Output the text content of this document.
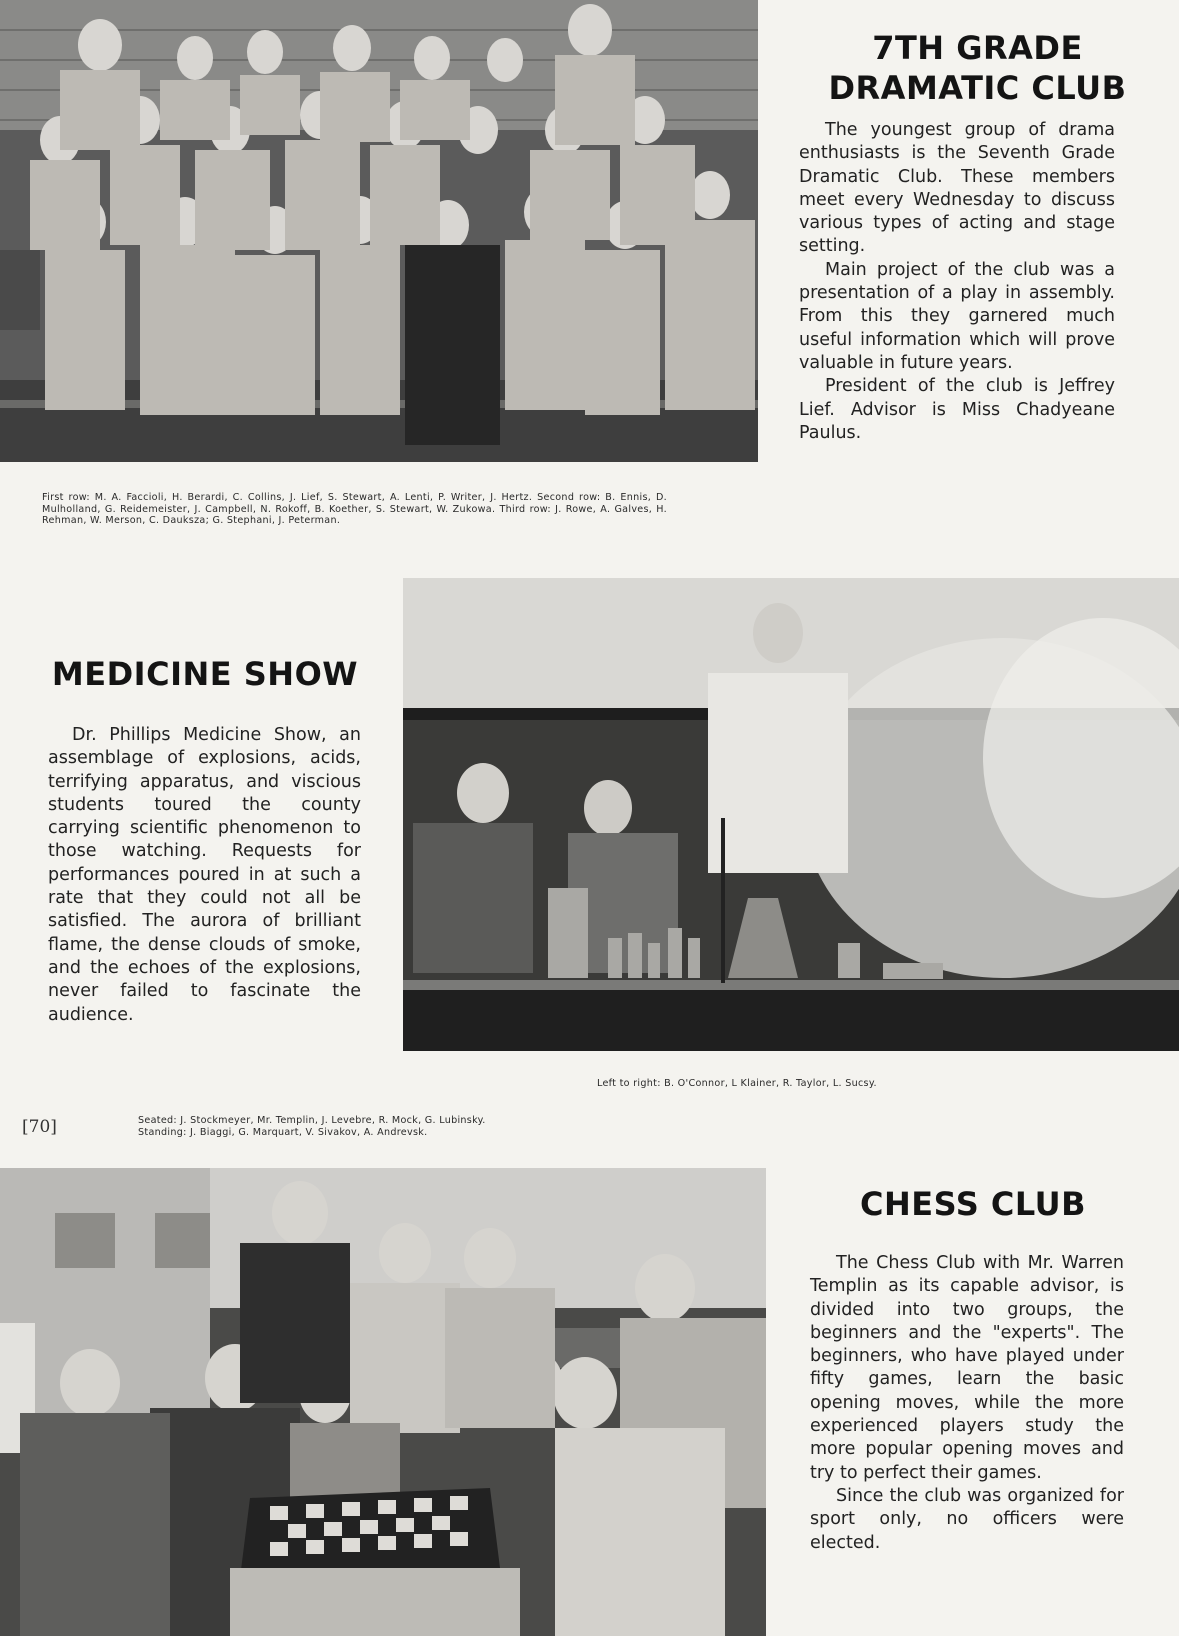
7TH GRADE
DRAMATIC CLUB

The youngest group of drama enthusiasts is the Seventh Grade Dramatic Club. These members meet every Wednesday to discuss various types of acting and stage setting.

Main project of the club was a presentation of a play in assembly. From this they garnered much useful information which will prove valuable in future years.

President of the club is Jeffrey Lief. Advisor is Miss Chadyeane Paulus.

First row: M. A. Faccioli, H. Berardi, C. Collins, J. Lief, S. Stewart, A. Lenti, P. Writer, J. Hertz. Second row: B. Ennis, D. Mulholland, G. Reidemeister, J. Campbell, N. Rokoff, B. Koether, S. Stewart, W. Zukowa. Third row: J. Rowe, A. Galves, H. Rehman, W. Merson, C. Daukszа; G. Stephani, J. Peterman.

MEDICINE SHOW

Dr. Phillips Medicine Show, an assemblage of explosions, acids, terrifying apparatus, and viscious students toured the county carrying scientific phenomenon to those watching. Requests for performances poured in at such a rate that they could not all be satisfied. The aurora of brilliant flame, the dense clouds of smoke, and the echoes of the explosions, never failed to fascinate the audience.

Left to right: B. O'Connor, L Klainer, R. Taylor, L. Sucsy.

[70]	Seated: J. Stockmeyer, Mr. Templin, J. Levebre, R. Mock, G. Lubinsky.
Standing: J. Biaggi, G. Marquart, V. Sivakov, A. Andrevsk.
CHESS CLUB

The Chess Club with Mr. Warren Templin as its capable advisor, is divided into two groups, the beginners and the "experts". The beginners, who have played under fifty games, learn the basic opening moves, while the more experienced players study the more popular opening moves and try to perfect their games.

Since the club was organized for sport only, no officers were elected.
